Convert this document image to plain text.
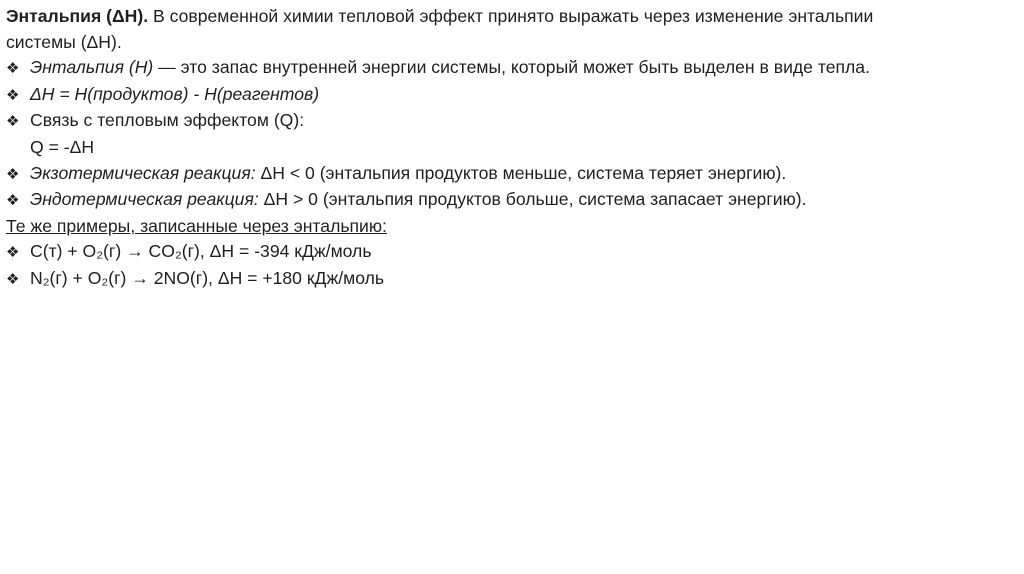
Энтальпия (ΔH). В современной химии тепловой эффект принято выражать через изменение энтальпии
системы (ΔH).
❖ Энтальпия (H) — это запас внутренней энергии системы, который может быть выделен в виде тепла.
❖ ΔH = H(продуктов) - H(реагентов)
❖ Связь с тепловым эффектом (Q):
Q = -ΔH
❖ Экзотермическая реакция: ΔH < 0 (энтальпия продуктов меньше, система теряет энергию).
❖ Эндотермическая реакция: ΔH > 0 (энтальпия продуктов больше, система запасает энергию).
Те же примеры, записанные через энтальпию:
❖ C(т) + O₂(г) → CO₂(г), ΔH = -394 кДж/моль
❖ N₂(г) + O₂(г) → 2NO(г), ΔH = +180 кДж/моль
